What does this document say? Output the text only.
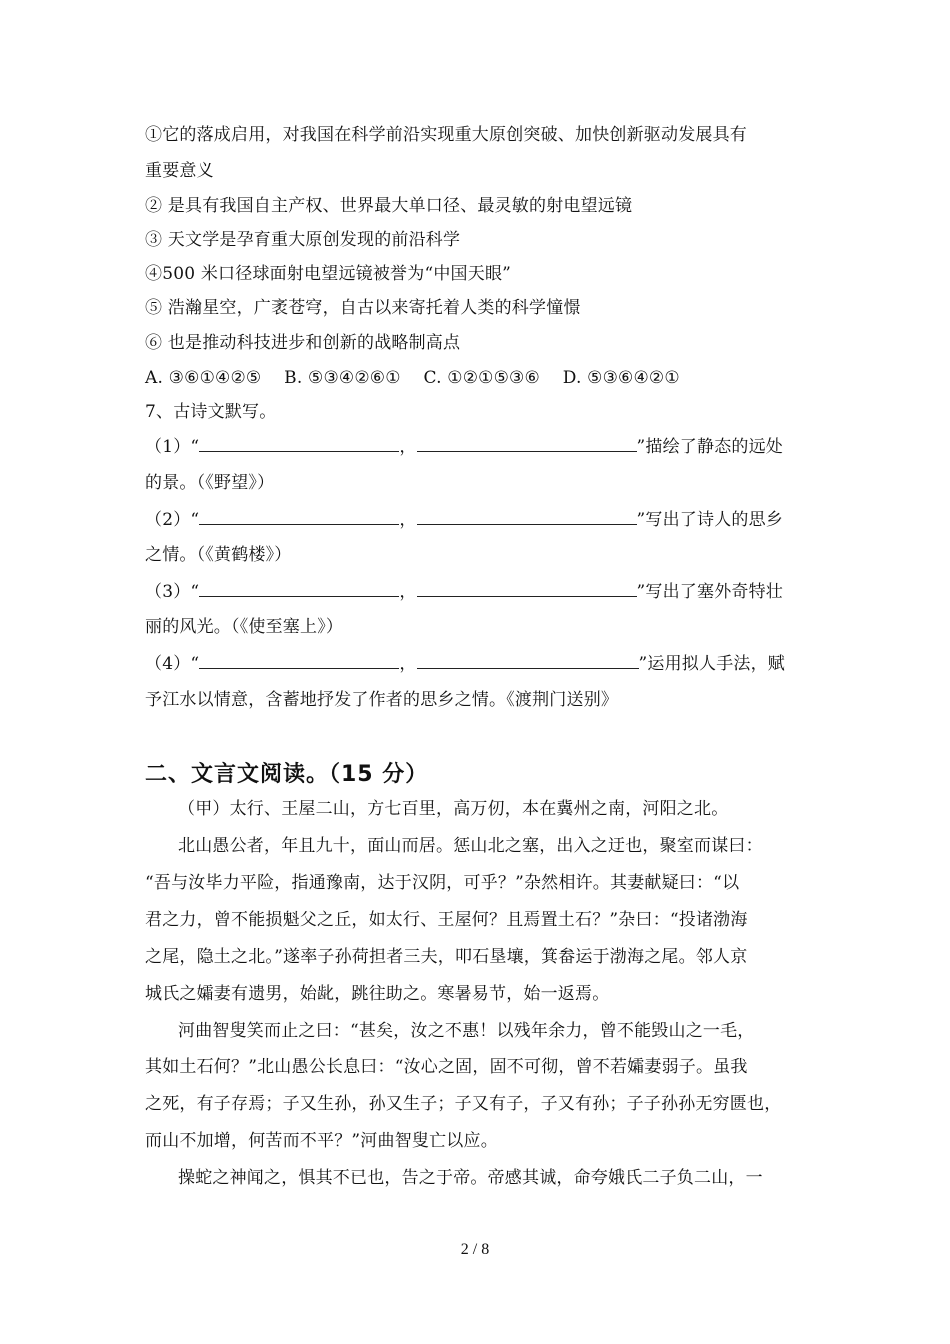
①它的落成启用，对我国在科学前沿实现重大原创突破、加快创新驱动发展具有
重要意义
② 是具有我国自主产权、世界最大单口径、最灵敏的射电望远镜
③ 天文学是孕育重大原创发现的前沿科学
④500 米口径球面射电望远镜被誉为“中国天眼”
⑤ 浩瀚星空，广袤苍穹，自古以来寄托着人类的科学憧憬
⑥ 也是推动科技进步和创新的战略制高点
A. ③⑥①④②⑤　 B. ⑤③④②⑥①　 C. ①②①⑤③⑥　 D. ⑤③⑥④②①
7、古诗文默写。
（1）“	，	”描绘了静态的远处
的景。（《野望》）
（2）“	，	”写出了诗人的思乡
之情。（《黄鹤楼》）
（3）“	，	”写出了塞外奇特壮
丽的风光。（《使至塞上》）
（4）“	，	”运用拟人手法，赋
予江水以情意，含蓄地抒发了作者的思乡之情。《渡荆门送别》
二、文言文阅读。（15 分）
（甲）太行、王屋二山，方七百里，高万仞，本在冀州之南，河阳之北。
北山愚公者，年且九十，面山而居。惩山北之塞，出入之迂也，聚室而谋曰：
“吾与汝毕力平险，指通豫南，达于汉阴，可乎？”杂然相许。其妻献疑曰：“以
君之力，曾不能损魁父之丘，如太行、王屋何？且焉置土石？”杂曰：“投诸渤海
之尾，隐土之北。”遂率子孙荷担者三夫，叩石垦壤，箕畚运于渤海之尾。邻人京
城氏之孀妻有遗男，始龀，跳往助之。寒暑易节，始一返焉。
河曲智叟笑而止之曰：“甚矣，汝之不惠！以残年余力，曾不能毁山之一毛，
其如土石何？”北山愚公长息曰：“汝心之固，固不可彻，曾不若孀妻弱子。虽我
之死，有子存焉；子又生孙，孙又生子；子又有子，子又有孙；子子孙孙无穷匮也，
而山不加增，何苦而不平？”河曲智叟亡以应。
操蛇之神闻之，惧其不已也，告之于帝。帝感其诚，命夸娥氏二子负二山，一
2 / 8
